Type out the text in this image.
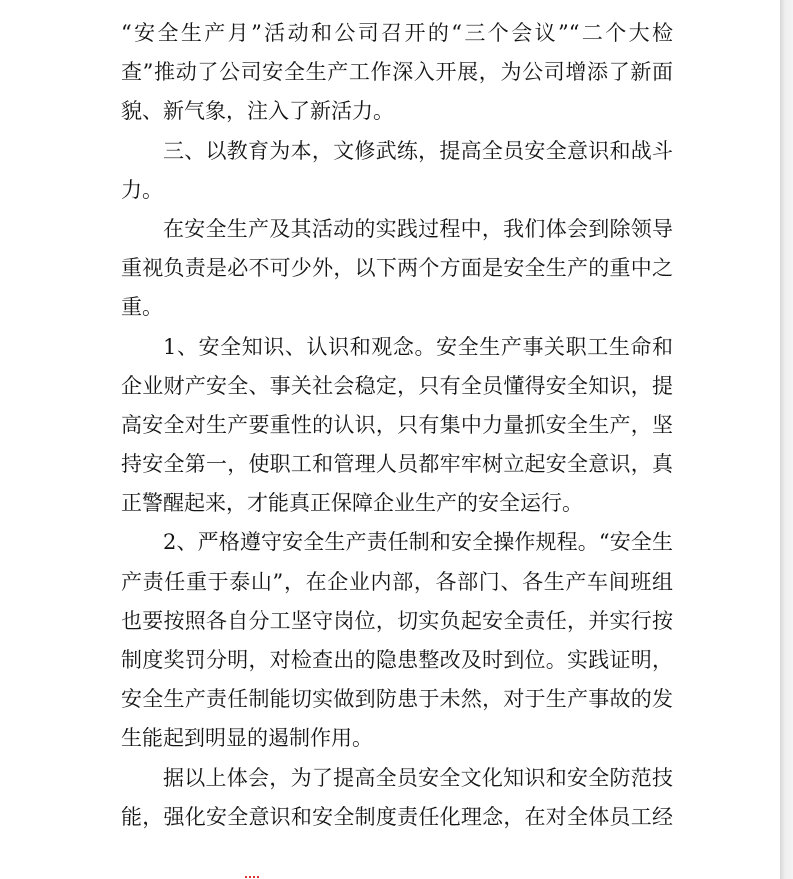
“安全生产月”活动和公司召开的“三个会议”“二个大检
查”推动了公司安全生产工作深入开展，为公司增添了新面
貌、新气象，注入了新活力。
三、以教育为本，文修武练，提高全员安全意识和战斗
力。
在安全生产及其活动的实践过程中，我们体会到除领导
重视负责是必不可少外，以下两个方面是安全生产的重中之
重。
1、安全知识、认识和观念。安全生产事关职工生命和
企业财产安全、事关社会稳定，只有全员懂得安全知识，提
高安全对生产要重性的认识，只有集中力量抓安全生产，坚
持安全第一，使职工和管理人员都牢牢树立起安全意识，真
正警醒起来，才能真正保障企业生产的安全运行。
2、严格遵守安全生产责任制和安全操作规程。“安全生
产责任重于泰山”，在企业内部，各部门、各生产车间班组
也要按照各自分工坚守岗位，切实负起安全责任，并实行按
制度奖罚分明，对检查出的隐患整改及时到位。实践证明，
安全生产责任制能切实做到防患于未然，对于生产事故的发
生能起到明显的遏制作用。
据以上体会，为了提高全员安全文化知识和安全防范技
能，强化安全意识和安全制度责任化理念，在对全体员工经
